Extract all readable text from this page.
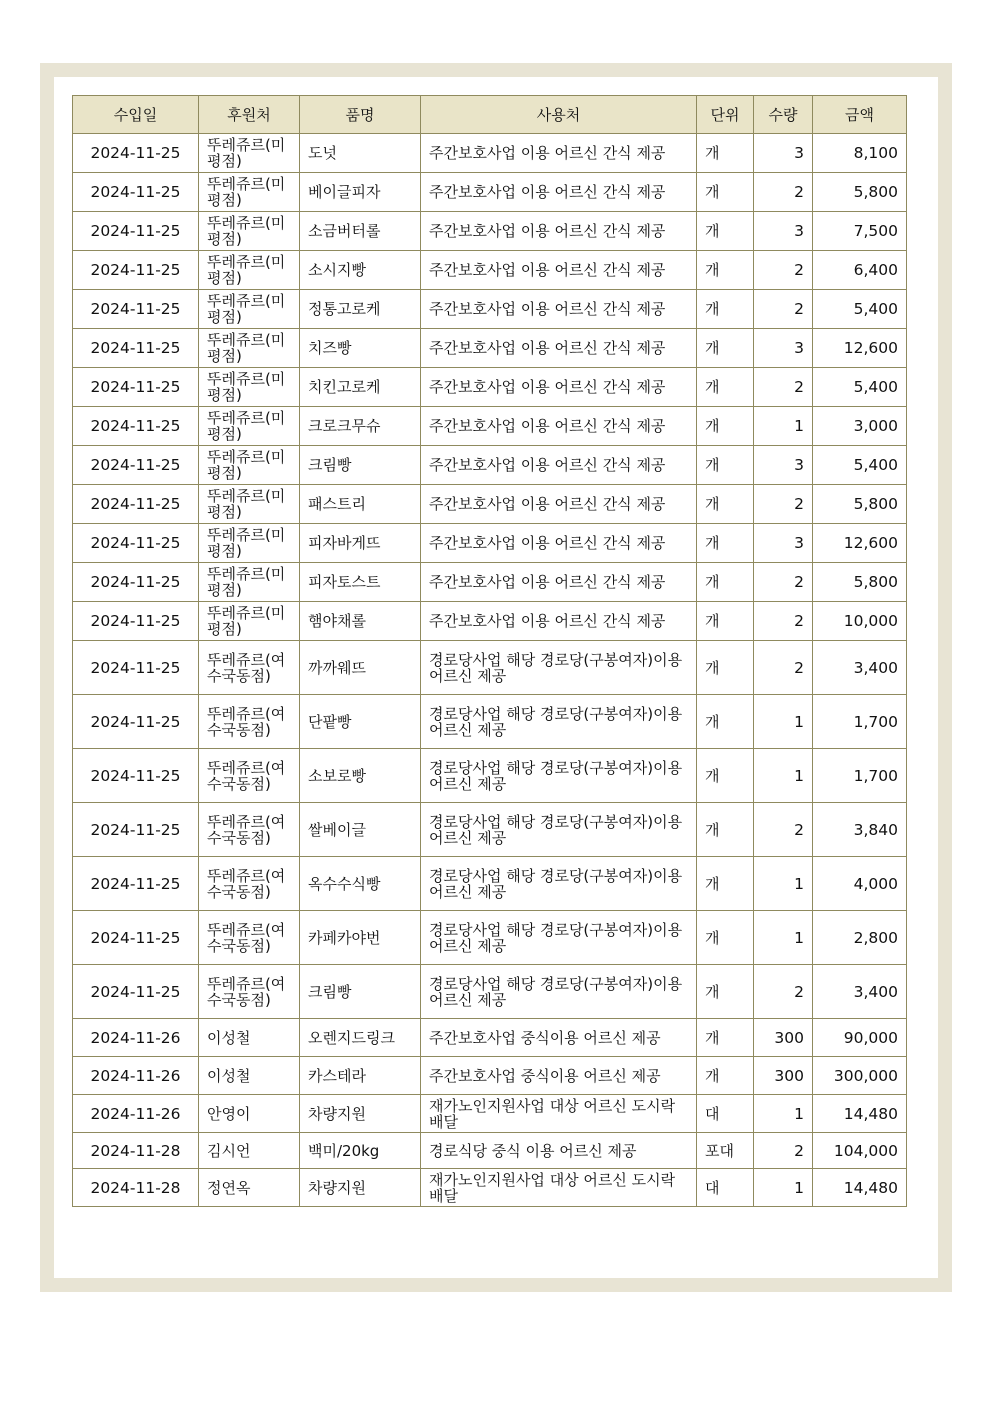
수입일	후원처	품명	사용처	단위	수량	금액
2024-11-25	뚜레쥬르(미평점)	도넛	주간보호사업 이용 어르신 간식 제공	개	3	8,100
2024-11-25	뚜레쥬르(미평점)	베이글피자	주간보호사업 이용 어르신 간식 제공	개	2	5,800
2024-11-25	뚜레쥬르(미평점)	소금버터롤	주간보호사업 이용 어르신 간식 제공	개	3	7,500
2024-11-25	뚜레쥬르(미평점)	소시지빵	주간보호사업 이용 어르신 간식 제공	개	2	6,400
2024-11-25	뚜레쥬르(미평점)	정통고로케	주간보호사업 이용 어르신 간식 제공	개	2	5,400
2024-11-25	뚜레쥬르(미평점)	치즈빵	주간보호사업 이용 어르신 간식 제공	개	3	12,600
2024-11-25	뚜레쥬르(미평점)	치킨고로케	주간보호사업 이용 어르신 간식 제공	개	2	5,400
2024-11-25	뚜레쥬르(미평점)	크로크무슈	주간보호사업 이용 어르신 간식 제공	개	1	3,000
2024-11-25	뚜레쥬르(미평점)	크림빵	주간보호사업 이용 어르신 간식 제공	개	3	5,400
2024-11-25	뚜레쥬르(미평점)	패스트리	주간보호사업 이용 어르신 간식 제공	개	2	5,800
2024-11-25	뚜레쥬르(미평점)	피자바게뜨	주간보호사업 이용 어르신 간식 제공	개	3	12,600
2024-11-25	뚜레쥬르(미평점)	피자토스트	주간보호사업 이용 어르신 간식 제공	개	2	5,800
2024-11-25	뚜레쥬르(미평점)	햄야채롤	주간보호사업 이용 어르신 간식 제공	개	2	10,000
2024-11-25	뚜레쥬르(여수국동점)	까까웨뜨	경로당사업 해당 경로당(구봉여자)이용 어르신 제공	개	2	3,400
2024-11-25	뚜레쥬르(여수국동점)	단팥빵	경로당사업 해당 경로당(구봉여자)이용 어르신 제공	개	1	1,700
2024-11-25	뚜레쥬르(여수국동점)	소보로빵	경로당사업 해당 경로당(구봉여자)이용 어르신 제공	개	1	1,700
2024-11-25	뚜레쥬르(여수국동점)	쌀베이글	경로당사업 해당 경로당(구봉여자)이용 어르신 제공	개	2	3,840
2024-11-25	뚜레쥬르(여수국동점)	옥수수식빵	경로당사업 해당 경로당(구봉여자)이용 어르신 제공	개	1	4,000
2024-11-25	뚜레쥬르(여수국동점)	카페카야번	경로당사업 해당 경로당(구봉여자)이용 어르신 제공	개	1	2,800
2024-11-25	뚜레쥬르(여수국동점)	크림빵	경로당사업 해당 경로당(구봉여자)이용 어르신 제공	개	2	3,400
2024-11-26	이성철	오렌지드링크	주간보호사업 중식이용 어르신 제공	개	300	90,000
2024-11-26	이성철	카스테라	주간보호사업 중식이용 어르신 제공	개	300	300,000
2024-11-26	안영이	차량지원	재가노인지원사업 대상 어르신 도시락 배달	대	1	14,480
2024-11-28	김시언	백미/20kg	경로식당 중식 이용 어르신 제공	포대	2	104,000
2024-11-28	정연옥	차량지원	재가노인지원사업 대상 어르신 도시락 배달	대	1	14,480
